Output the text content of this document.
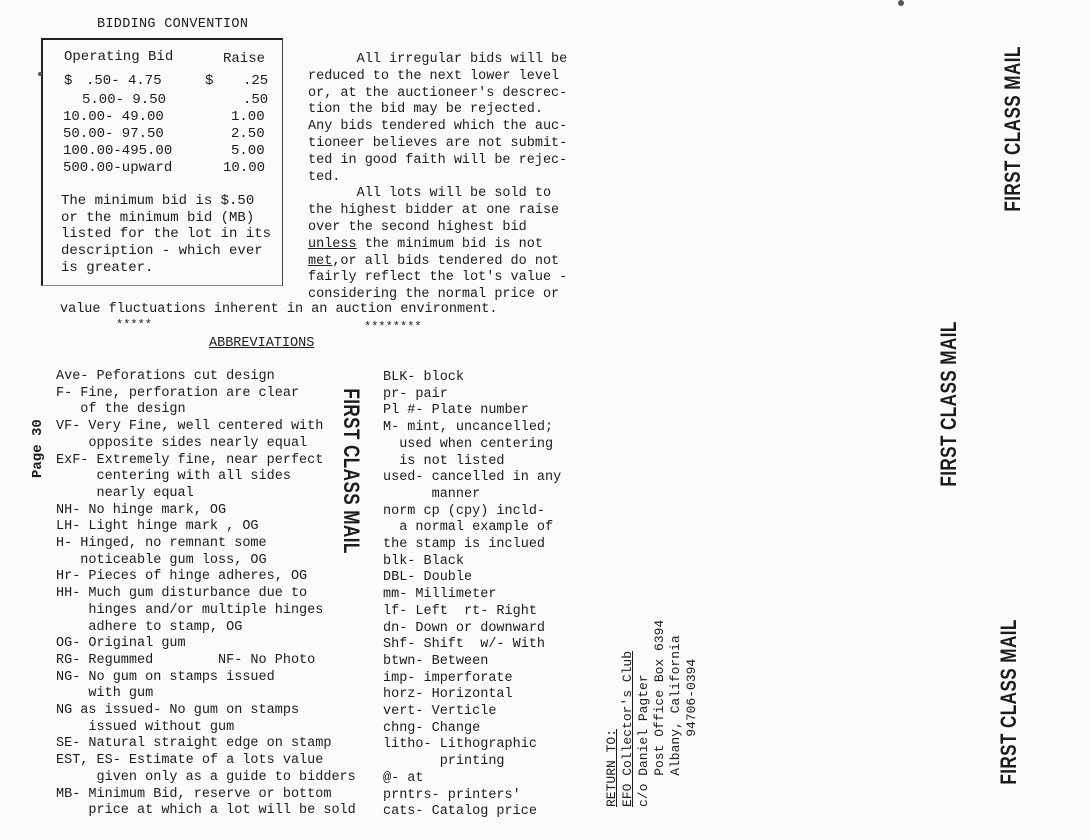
BIDDING CONVENTION
Operating Bid	Raise
$ .50- 4.75	$ .25
5.00- 9.50	.50
10.00- 49.00	1.00
50.00- 97.50	2.50
100.00-495.00	5.00
500.00-upward	10.00
The minimum bid is $.50
or the minimum bid (MB)
listed for the lot in its
description - which ever
is greater.
All irregular bids will be
reduced to the next lower level
or, at the auctioneer's descrec-
tion the bid may be rejected.
Any bids tendered which the auc-
tioneer believes are not submit-
ted in good faith will be rejec-
ted.
All lots will be sold to
the highest bidder at one raise
over the second highest bid
unless the minimum bid is not
met,or all bids tendered do not
fairly reflect the lot's value -
considering the normal price or
value fluctuations inherent in an auction environment.
*****	********
ABBREVIATIONS
Ave- Peforations cut design
F- Fine, perforation are clear
of the design
VF- Very Fine, well centered with
opposite sides nearly equal
ExF- Extremely fine, near perfect
centering with all sides
nearly equal
NH- No hinge mark, OG
LH- Light hinge mark , OG
H- Hinged, no remnant some
noticeable gum loss, OG
Hr- Pieces of hinge adheres, OG
HH- Much gum disturbance due to
hinges and/or multiple hinges
adhere to stamp, OG
OG- Original gum
RG- Regummed        NF- No Photo
NG- No gum on stamps issued
with gum
NG as issued- No gum on stamps
issued without gum
SE- Natural straight edge on stamp
EST, ES- Estimate of a lots value
given only as a guide to bidders
MB- Minimum Bid, reserve or bottom
price at which a lot will be sold
BLK- block
pr- pair
Pl #- Plate number
M- mint, uncancelled;
used when centering
is not listed
used- cancelled in any
manner
norm cp (cpy) incld-
a normal example of
the stamp is inclued
blk- Black
DBL- Double
mm- Millimeter
lf- Left  rt- Right
dn- Down or downward
Shf- Shift  w/- With
btwn- Between
imp- imperforate
horz- Horizontal
vert- Verticle
chng- Change
litho- Lithographic
printing
@- at
prntrs- printers'
cats- Catalog price
FIRST CLASS MAIL
FIRST CLASS MAIL
FIRST CLASS MAIL
FIRST CLASS MAIL
Page 30
RETURN TO: EFO Collector's Club c/o Daniel Pagter Post Office Box 6394 Albany, California 94706-0394
